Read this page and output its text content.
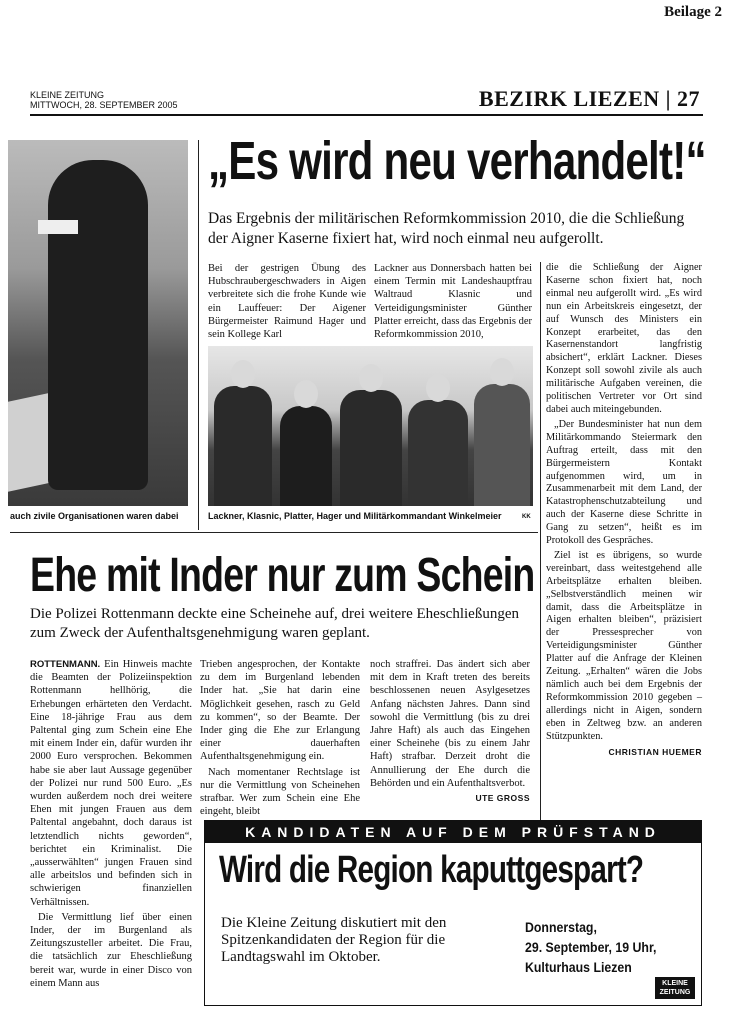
Beilage 2
KLEINE ZEITUNG
MITTWOCH, 28. SEPTEMBER 2005	BEZIRK LIEZEN | 27
auch zivile Organisationen waren dabei
„Es wird neu verhandelt!“
Das Ergebnis der militärischen Reformkommission 2010, die die Schließung der Aigner Kaserne fixiert hat, wird noch einmal neu aufgerollt.

Bei der gestrigen Übung des Hubschraubergeschwaders in Aigen verbreitete sich die frohe Kunde wie ein Lauffeuer: Der Aigener Bürgermeister Raimund Hager und sein Kollege Karl

Lackner aus Donnersbach hatten bei einem Termin mit Landeshauptfrau Waltraud Klasnic und Verteidigungsminister Günther Platter erreicht, dass das Ergebnis der Reformkommission 2010,

die die Schließung der Aigner Kaserne schon fixiert hat, noch einmal neu aufgerollt wird. „Es wird nun ein Arbeitskreis eingesetzt, der auf Wunsch des Ministers ein Konzept erarbeitet, das den Kasernenstandort langfristig absichert“, erklärt Lackner. Dieses Konzept soll sowohl zivile als auch militärische Aufgaben vereinen, die politischen Vertreter vor Ort sind dabei auch miteingebunden.

„Der Bundesminister hat nun dem Militärkommando Steiermark den Auftrag erteilt, dass mit den Bürgermeistern Kontakt aufgenommen wird, um in Zusammenarbeit mit dem Land, der Katastrophenschutzabteilung und auch der Kaserne diese Schritte in Gang zu setzen“, heißt es im Protokoll des Gespräches.

Ziel ist es übrigens, so wurde vereinbart, dass weitestgehend alle Arbeitsplätze erhalten bleiben. „Selbstverständlich meinen wir damit, dass die Arbeitsplätze in Aigen erhalten bleiben“, präzisiert der Pressesprecher von Verteidigungsminister Günther Platter auf die Anfrage der Kleinen Zeitung. „Erhalten“ wären die Jobs nämlich auch bei dem Ergebnis der Reformkommission 2010 gegeben – allerdings nicht in Aigen, sondern eben in Zeltweg bzw. an anderen Stützpunkten.

CHRISTIAN HUEMER
Lackner, Klasnic, Platter, Hager und Militärkommandant Winkelmeier	KK
Ehe mit Inder nur zum Schein
Die Polizei Rottenmann deckte eine Scheinehe auf, drei weitere Eheschließungen zum Zweck der Aufenthaltsgenehmigung waren geplant.

ROTTENMANN. Ein Hinweis machte die Beamten der Polizeiinspektion Rottenmann hellhörig, die Erhebungen erhärteten den Verdacht. Eine 18-jährige Frau aus dem Paltental ging zum Schein eine Ehe mit einem Inder ein, dafür wurden ihr 2000 Euro versprochen. Bekommen habe sie aber laut Aussage gegenüber der Polizei nur rund 500 Euro. „Es wurden außerdem noch drei weitere Ehen mit jungen Frauen aus dem Paltental angebahnt, doch daraus ist letztendlich nichts geworden“, berichtet ein Kriminalist. Die „ausserwählten“ jungen Frauen sind alle arbeitslos und befinden sich in schwierigen finanziellen Verhältnissen.

Die Vermittlung lief über einen Inder, der im Burgenland als Zeitungszusteller arbeitet. Die Frau, die tatsächlich zur Eheschließung bereit war, wurde in einer Disco von einem Mann aus

Trieben angesprochen, der Kontakte zu dem im Burgenland lebenden Inder hat. „Sie hat darin eine Möglichkeit gesehen, rasch zu Geld zu kommen“, so der Beamte. Der Inder ging die Ehe zur Erlangung einer dauerhaften Aufenthaltsgenehmigung ein.

Nach momentaner Rechtslage ist nur die Vermittlung von Scheinehen strafbar. Wer zum Schein eine Ehe eingeht, bleibt

noch straffrei. Das ändert sich aber mit dem in Kraft treten des bereits beschlossenen neuen Asylgesetzes Anfang nächsten Jahres. Dann sind sowohl die Vermittlung (bis zu drei Jahre Haft) als auch das Eingehen einer Scheinehe (bis zu einem Jahr Haft) strafbar. Derzeit droht die Annullierung der Ehe durch die Behörden und ein Aufenthaltsverbot.

UTE GROSS
KANDIDATEN AUF DEM PRÜFSTAND
Wird die Region kaputtgespart?
Die Kleine Zeitung diskutiert mit den Spitzenkandidaten der Region für die Landtagswahl im Oktober.
Donnerstag,
29. September, 19 Uhr,
Kulturhaus Liezen
KLEINE
ZEITUNG
